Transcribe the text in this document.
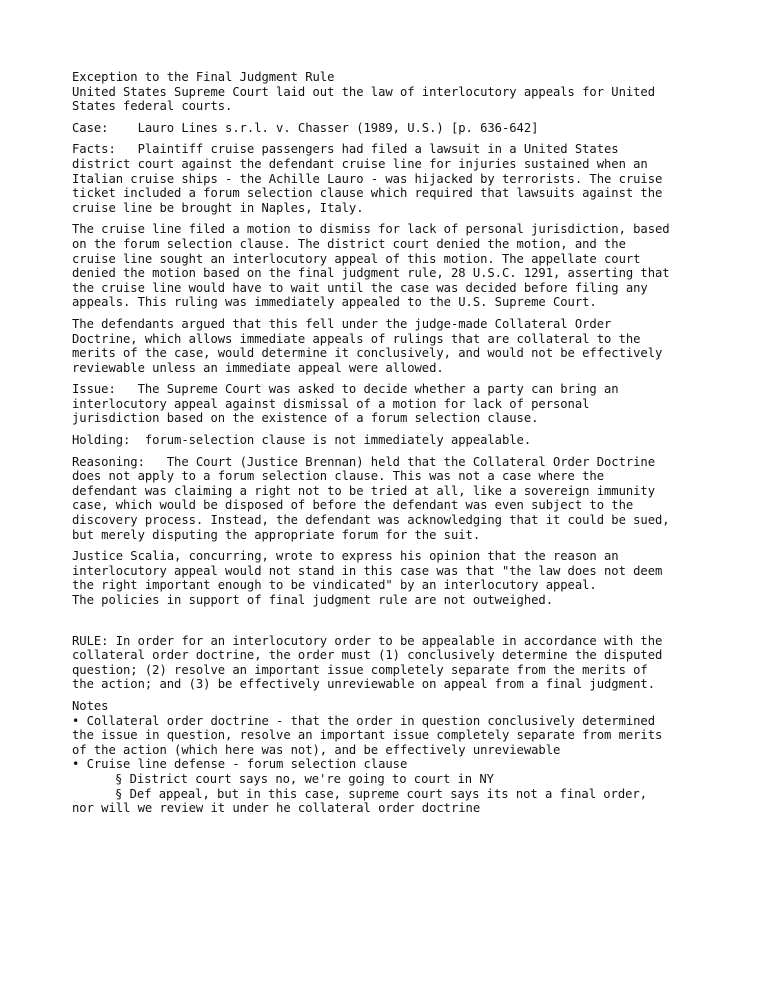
Exception to the Final Judgment Rule
United States Supreme Court laid out the law of interlocutory appeals for United
States federal courts.
Case:    Lauro Lines s.r.l. v. Chasser (1989, U.S.) [p. 636-642]
Facts:   Plaintiff cruise passengers had filed a lawsuit in a United States
district court against the defendant cruise line for injuries sustained when an
Italian cruise ships - the Achille Lauro - was hijacked by terrorists. The cruise
ticket included a forum selection clause which required that lawsuits against the
cruise line be brought in Naples, Italy.
The cruise line filed a motion to dismiss for lack of personal jurisdiction, based
on the forum selection clause. The district court denied the motion, and the
cruise line sought an interlocutory appeal of this motion. The appellate court
denied the motion based on the final judgment rule, 28 U.S.C. 1291, asserting that
the cruise line would have to wait until the case was decided before filing any
appeals. This ruling was immediately appealed to the U.S. Supreme Court.
The defendants argued that this fell under the judge-made Collateral Order
Doctrine, which allows immediate appeals of rulings that are collateral to the
merits of the case, would determine it conclusively, and would not be effectively
reviewable unless an immediate appeal were allowed.
Issue:   The Supreme Court was asked to decide whether a party can bring an
interlocutory appeal against dismissal of a motion for lack of personal
jurisdiction based on the existence of a forum selection clause.
Holding:  forum-selection clause is not immediately appealable.
Reasoning:   The Court (Justice Brennan) held that the Collateral Order Doctrine
does not apply to a forum selection clause. This was not a case where the
defendant was claiming a right not to be tried at all, like a sovereign immunity
case, which would be disposed of before the defendant was even subject to the
discovery process. Instead, the defendant was acknowledging that it could be sued,
but merely disputing the appropriate forum for the suit.
Justice Scalia, concurring, wrote to express his opinion that the reason an
interlocutory appeal would not stand in this case was that "the law does not deem
the right important enough to be vindicated" by an interlocutory appeal.
The policies in support of final judgment rule are not outweighed.
RULE: In order for an interlocutory order to be appealable in accordance with the
collateral order doctrine, the order must (1) conclusively determine the disputed
question; (2) resolve an important issue completely separate from the merits of
the action; and (3) be effectively unreviewable on appeal from a final judgment.
Notes
• Collateral order doctrine - that the order in question conclusively determined
the issue in question, resolve an important issue completely separate from merits
of the action (which here was not), and be effectively unreviewable
• Cruise line defense - forum selection clause
§ District court says no, we're going to court in NY
§ Def appeal, but in this case, supreme court says its not a final order,
nor will we review it under he collateral order doctrine
